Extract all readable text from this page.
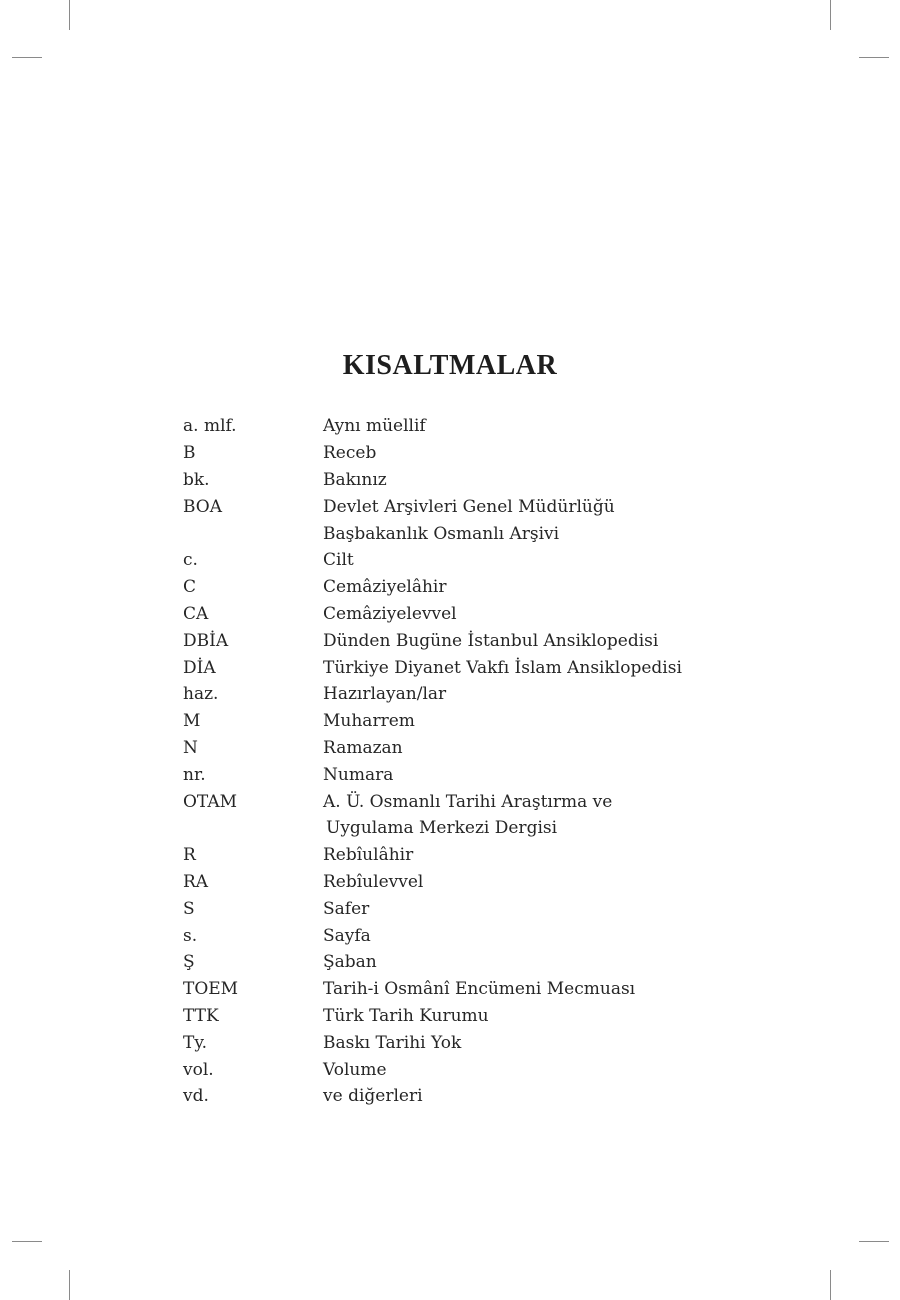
KISALTMALAR
a. mlf.	Aynı müellif
B	Receb
bk.	Bakınız
BOA	Devlet Arşivleri Genel Müdürlüğü
	Başbakanlık Osmanlı Arşivi
c.	Cilt
C	Cemâziyelâhir
CA	Cemâziyelevvel
DBİA	Dünden Bugüne İstanbul Ansiklopedisi
DİA	Türkiye Diyanet Vakfı İslam Ansiklopedisi
haz.	Hazırlayan/lar
M	Muharrem
N	Ramazan
nr.	Numara
OTAM	A. Ü. Osmanlı Tarihi Araştırma ve
	Uygulama Merkezi Dergisi
R	Rebîulâhir
RA	Rebîulevvel
S	Safer
s.	Sayfa
Ş	Şaban
TOEM	Tarih-i Osmânî Encümeni Mecmuası
TTK	Türk Tarih Kurumu
Ty.	Baskı Tarihi Yok
vol.	Volume
vd.	ve diğerleri
